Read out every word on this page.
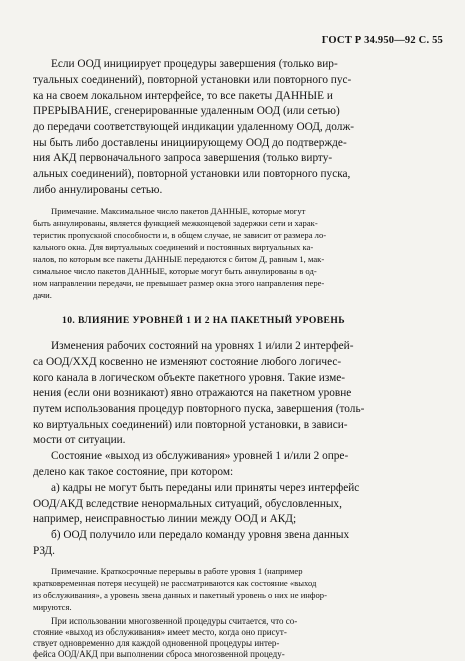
ГОСТ Р 34.950—92 С. 55
Если ООД инициирует процедуры завершения (только вир-
туальных соединений), повторной установки или повторного пус-
ка на своем локальном интерфейсе, то все пакеты ДАННЫЕ и
ПРЕРЫВАНИЕ, сгенерированные удаленным ООД (или сетью)
до передачи соответствующей индикации удаленному ООД, долж-
ны быть либо доставлены инициирующему ООД до подтвержде-
ния АКД первоначального запроса завершения (только вирту-
альных соединений), повторной установки или повторного пуска,
либо аннулированы сетью.
Примечание. Максимальное число пакетов ДАННЫЕ, которые могут
быть аннулированы, является функцией межконцевой задержки сети и харак-
теристик пропускной способности и, в общем случае, не зависит от размера ло-
кального окна. Для виртуальных соединений и постоянных виртуальных ка-
налов, по которым все пакеты ДАННЫЕ передаются с битом Д, равным 1, мак-
симальное число пакетов ДАННЫЕ, которые могут быть аннулированы в од-
ном направлении передачи, не превышает размер окна этого направления пере-
дачи.
10. ВЛИЯНИЕ УРОВНЕЙ 1 И 2 НА ПАКЕТНЫЙ УРОВЕНЬ
Изменения рабочих состояний на уровнях 1 и/или 2 интерфей-
са ООД/ХХД косвенно не изменяют состояние любого логичес-
кого канала в логическом объекте пакетного уровня. Такие изме-
нения (если они возникают) явно отражаются на пакетном уровне
путем использования процедур повторного пуска, завершения (толь-
ко виртуальных соединений) или повторной установки, в зависи-
мости от ситуации.
Состояние «выход из обслуживания» уровней 1 и/или 2 опре-
делено как такое состояние, при котором:
а) кадры не могут быть переданы или приняты через интерфейс
ООД/АКД вследствие ненормальных ситуаций, обусловленных,
например, неисправностью линии между ООД и АКД;
б) ООД получило или передало команду уровня звена данных
РЗД.
Примечание. Краткосрочные перерывы в работе уровня 1 (например
кратковременная потеря несущей) не рассматриваются как состояние «выход
из обслуживания», а уровень звена данных и пакетный уровень о них не инфор-
мируются.
При использовании многозвенной процедуры считается, что со-
стояние «выход из обслуживания» имеет место, когда оно присут-
ствует одновременно для каждой одновенной процедуры интер-
фейса ООД/АКД при выполнении сброса многозвенной процеду-
